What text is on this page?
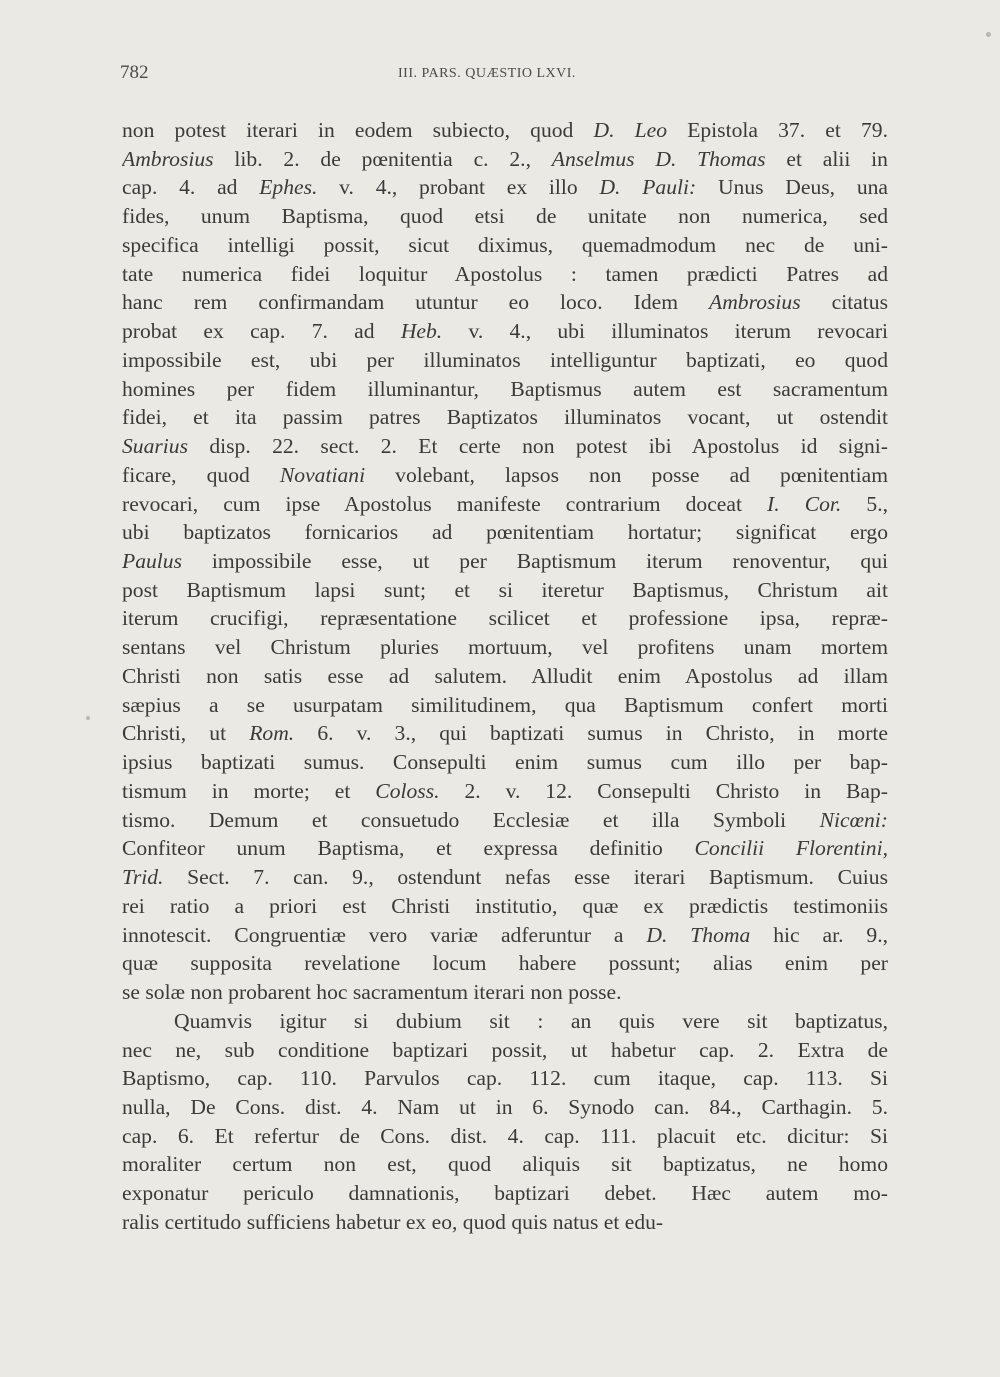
782	III. PARS. QUÆSTIO LXVI.
non potest iterari in eodem subiecto, quod D. Leo Epistola 37. et 79.
Ambrosius lib. 2. de pœnitentia c. 2., Anselmus D. Thomas et alii in
cap. 4. ad Ephes. v. 4., probant ex illo D. Pauli: Unus Deus, una
fides, unum Baptisma, quod etsi de unitate non numerica, sed
specifica intelligi possit, sicut diximus, quemadmodum nec de uni-
tate numerica fidei loquitur Apostolus : tamen prædicti Patres ad
hanc rem confirmandam utuntur eo loco. Idem Ambrosius citatus
probat ex cap. 7. ad Heb. v. 4., ubi illuminatos iterum revocari
impossibile est, ubi per illuminatos intelliguntur baptizati, eo quod
homines per fidem illuminantur, Baptismus autem est sacramentum
fidei, et ita passim patres Baptizatos illuminatos vocant, ut ostendit
Suarius disp. 22. sect. 2. Et certe non potest ibi Apostolus id signi-
ficare, quod Novatiani volebant, lapsos non posse ad pœnitentiam
revocari, cum ipse Apostolus manifeste contrarium doceat I. Cor. 5.,
ubi baptizatos fornicarios ad pœnitentiam hortatur; significat ergo
Paulus impossibile esse, ut per Baptismum iterum renoventur, qui
post Baptismum lapsi sunt; et si iteretur Baptismus, Christum ait
iterum crucifigi, repræsentatione scilicet et professione ipsa, repræ-
sentans vel Christum pluries mortuum, vel profitens unam mortem
Christi non satis esse ad salutem. Alludit enim Apostolus ad illam
sæpius a se usurpatam similitudinem, qua Baptismum confert morti
Christi, ut Rom. 6. v. 3., qui baptizati sumus in Christo, in morte
ipsius baptizati sumus. Consepulti enim sumus cum illo per bap-
tismum in morte; et Coloss. 2. v. 12. Consepulti Christo in Bap-
tismo. Demum et consuetudo Ecclesiæ et illa Symboli Nicœni:
Confiteor unum Baptisma, et expressa definitio Concilii Florentini,
Trid. Sect. 7. can. 9., ostendunt nefas esse iterari Baptismum. Cuius
rei ratio a priori est Christi institutio, quæ ex prædictis testimoniis
innotescit. Congruentiæ vero variæ adferuntur a D. Thoma hic ar. 9.,
quæ supposita revelatione locum habere possunt; alias enim per
se solæ non probarent hoc sacramentum iterari non posse.
Quamvis igitur si dubium sit : an quis vere sit baptizatus,
nec ne, sub conditione baptizari possit, ut habetur cap. 2. Extra de
Baptismo, cap. 110. Parvulos cap. 112. cum itaque, cap. 113. Si
nulla, De Cons. dist. 4. Nam ut in 6. Synodo can. 84., Carthagin. 5.
cap. 6. Et refertur de Cons. dist. 4. cap. 111. placuit etc. dicitur: Si
moraliter certum non est, quod aliquis sit baptizatus, ne homo
exponatur periculo damnationis, baptizari debet. Hæc autem mo-
ralis certitudo sufficiens habetur ex eo, quod quis natus et edu-
